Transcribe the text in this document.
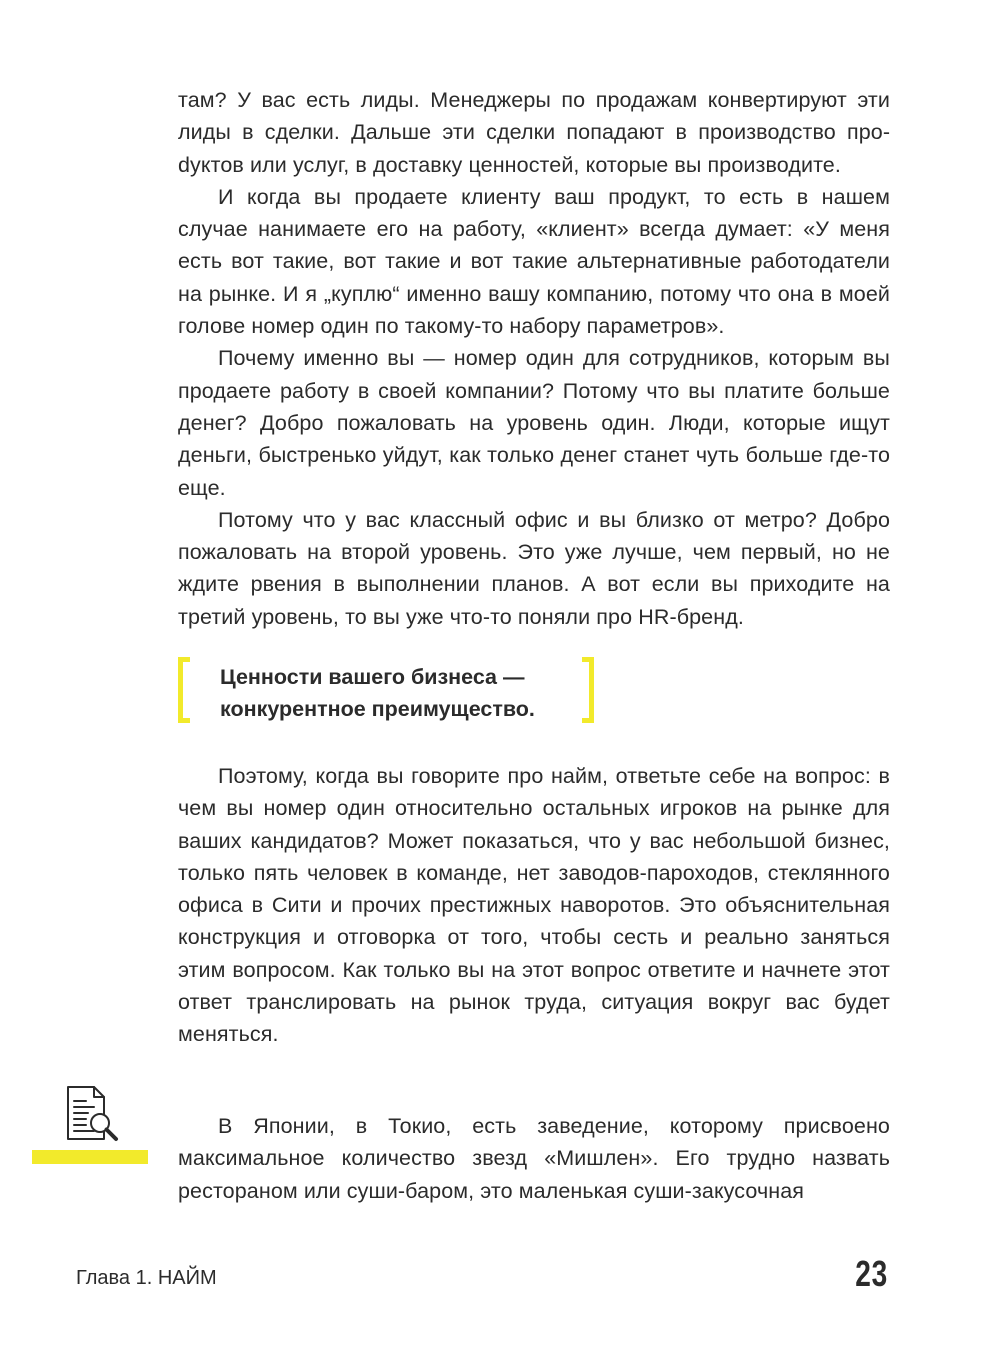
там? У вас есть лиды. Менеджеры по продажам конвертируют эти лиды в сделки. Дальше эти сделки попадают в производство проdуктов или услуг, в доставку ценностей, которые вы производите.

И когда вы продаете клиенту ваш продукт, то есть в нашем случае нанимаете его на работу, «клиент» всегда думает: «У меня есть вот такие, вот такие и вот такие альтернативные работодатели на рынке. И я „куплю“ именно вашу компанию, потому что она в моей голове номер один по такому-то набору параметров».

Почему именно вы — номер один для сотрудников, которым вы продаете работу в своей компании? Потому что вы платите больше денег? Добро пожаловать на уровень один. Люди, которые ищут деньги, быстренько уйдут, как только денег станет чуть больше где-то еще.

Потому что у вас классный офис и вы близко от метро? Добро пожаловать на второй уровень. Это уже лучше, чем первый, но не ждите рвения в выполнении планов. А вот если вы приходите на третий уровень, то вы уже что-то поняли про HR-бренд.

Ценности вашего бизнеса —
конкурентное преимущество.

Поэтому, когда вы говорите про найм, ответьте себе на вопрос: в чем вы номер один относительно остальных игроков на рынке для ваших кандидатов? Может показаться, что у вас небольшой бизнес, только пять человек в команде, нет заводов-пароходов, стеклянного офиса в Сити и прочих престижных наворотов. Это объяснительная конструкция и отговорка от того, чтобы сесть и реально заняться этим вопросом. Как только вы на этот вопрос ответите и начнете этот ответ транслировать на рынок труда, ситуация вокруг вас будет меняться.

В Японии, в Токио, есть заведение, которому присвоено максимальное количество звезд «Мишлен». Его трудно назвать рестораном или суши-баром, это маленькая суши-закусочная

Глава 1. НАЙМ	23
